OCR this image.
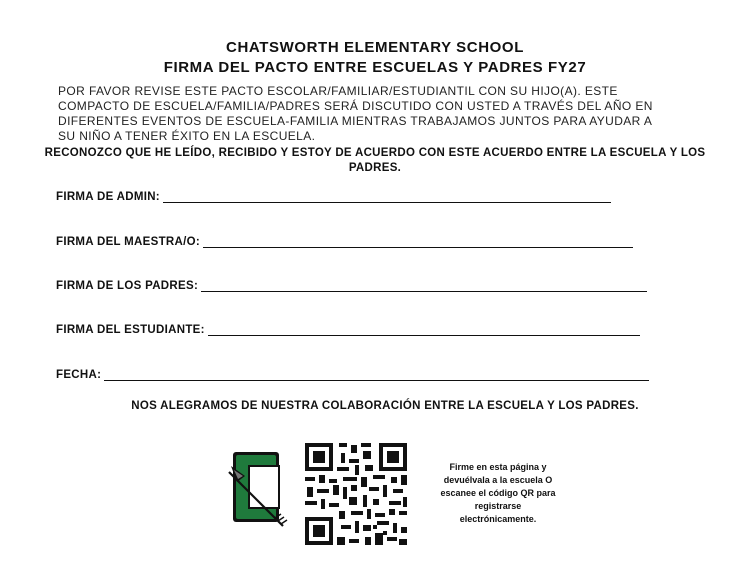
CHATSWORTH ELEMENTARY SCHOOL
FIRMA DEL PACTO ENTRE ESCUELAS Y PADRES FY27
POR FAVOR REVISE ESTE PACTO ESCOLAR/FAMILIAR/ESTUDIANTIL CON SU HIJO(A). ESTE COMPACTO DE ESCUELA/FAMILIA/PADRES SERÁ DISCUTIDO CON USTED A TRAVÉS DEL AÑO EN DIFERENTES EVENTOS DE ESCUELA-FAMILIA MIENTRAS TRABAJAMOS JUNTOS PARA AYUDAR A SU NIÑO A TENER ÉXITO EN LA ESCUELA.
RECONOZCO QUE HE LEÍDO, RECIBIDO Y ESTOY DE ACUERDO CON ESTE ACUERDO ENTRE LA ESCUELA Y LOS PADRES.
FIRMA DE ADMIN:
FIRMA DEL MAESTRA/O:
FIRMA DE LOS PADRES:
FIRMA DEL ESTUDIANTE:
FECHA:
NOS ALEGRAMOS DE NUESTRA COLABORACIÓN ENTRE LA ESCUELA Y LOS PADRES.
Firme en esta página y devuélvala a la escuela O escanee el código QR para registrarse electrónicamente.
